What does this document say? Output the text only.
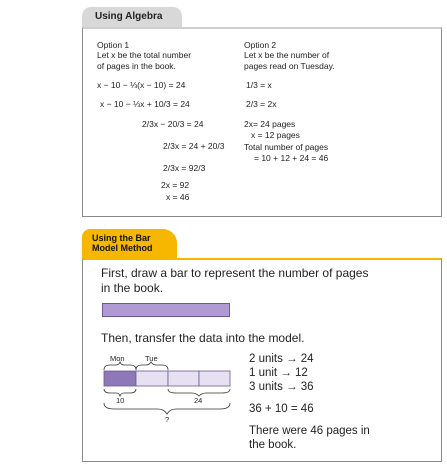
Using Algebra
Option 1
Let x be the total number
of pages in the book.
x − 10 − ⅓(x − 10) = 24
x − 10 − ⅓x + 10/3 = 24
2/3x − 20/3 = 24
2/3x = 24 + 20/3
2/3x = 92/3
2x = 92
x = 46
Option 2
Let x be the number of
pages read on Tuesday.
1/3 = x
2/3 = 2x
2x= 24 pages
x = 12 pages
Total number of pages
= 10 + 12 + 24 = 46
Using the Bar
Model Method
First, draw a bar to represent the number of pages
in the book.
Then, transfer the data into the model.
Mon	Tue
10	24
?
2 units → 24
1 unit → 12
3 units → 36
36 + 10 = 46
There were 46 pages in
the book.
